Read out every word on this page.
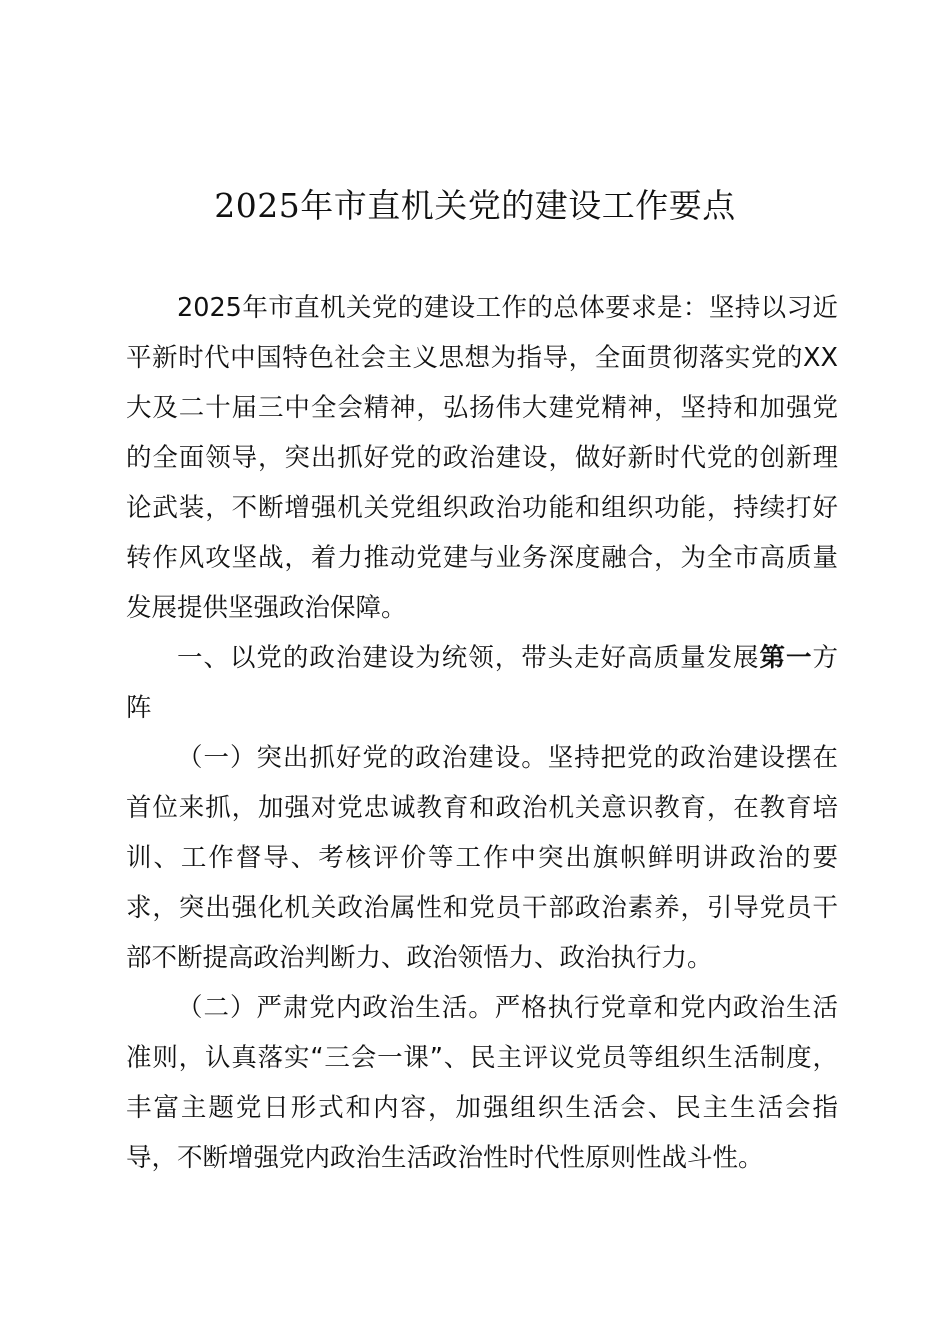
2025年市直机关党的建设工作要点

2025年市直机关党的建设工作的总体要求是：坚持以习近平新时代中国特色社会主义思想为指导，全面贯彻落实党的XX大及二十届三中全会精神，弘扬伟大建党精神，坚持和加强党的全面领导，突出抓好党的政治建设，做好新时代党的创新理论武装，不断增强机关党组织政治功能和组织功能，持续打好转作风攻坚战，着力推动党建与业务深度融合，为全市高质量发展提供坚强政治保障。

一、以党的政治建设为统领，带头走好高质量发展第一方阵

（一）突出抓好党的政治建设。坚持把党的政治建设摆在首位来抓，加强对党忠诚教育和政治机关意识教育，在教育培训、工作督导、考核评价等工作中突出旗帜鲜明讲政治的要求，突出强化机关政治属性和党员干部政治素养，引导党员干部不断提高政治判断力、政治领悟力、政治执行力。

（二）严肃党内政治生活。严格执行党章和党内政治生活准则，认真落实“三会一课”、民主评议党员等组织生活制度，丰富主题党日形式和内容，加强组织生活会、民主生活会指导，不断增强党内政治生活政治性时代性原则性战斗性。
